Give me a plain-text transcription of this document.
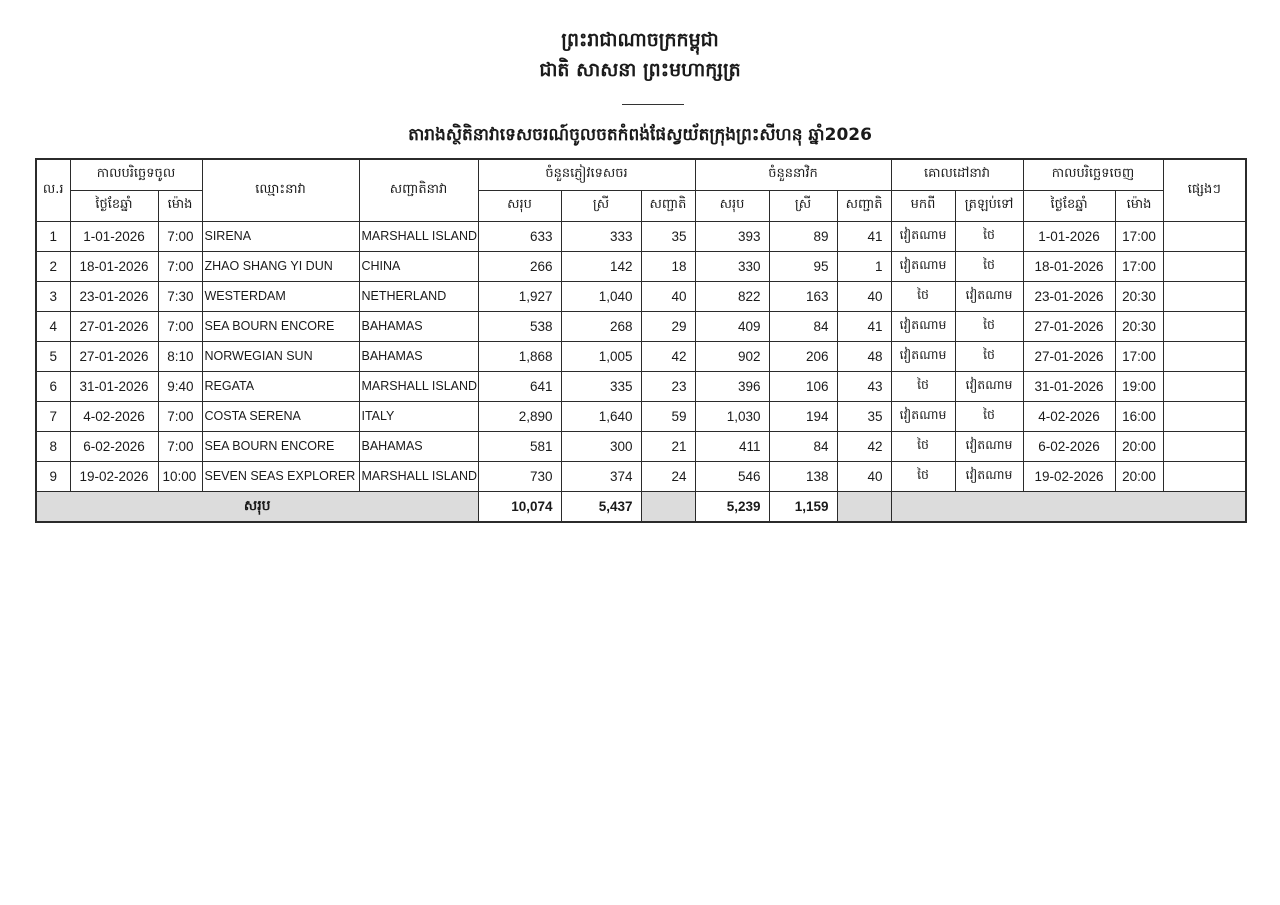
ព្រះរាជាណាចក្រកម្ពុជា
ជាតិ សាសនា ព្រះមហាក្សត្រ
តារាងស្ថិតិនាវាទេសចរណ៍ចូលចតកំពង់ផែស្វយ័តក្រុងព្រះសីហនុ ឆ្នាំ2026
ល.រ	កាលបរិច្ឆេទចូល		ឈ្មោះនាវា	សញ្ជាតិនាវា	ចំនួនភ្ញៀវទេសចរ			ចំនួននាវិក			គោលដៅនាវា		កាលបរិច្ឆេទចេញ		ផ្សេងៗ
	ថ្ងៃខែឆ្នាំ	ម៉ោង			សរុប	ស្រី	សញ្ជាតិ	សរុប	ស្រី	សញ្ជាតិ	មកពី	ត្រឡប់ទៅ	ថ្ងៃខែឆ្នាំ	ម៉ោង	
1	1-01-2026	7:00	SIRENA	MARSHALL ISLAND	633	333	35	393	89	41	វៀតណាម	ថៃ	1-01-2026	17:00	
2	18-01-2026	7:00	ZHAO SHANG YI DUN	CHINA	266	142	18	330	95	1	វៀតណាម	ថៃ	18-01-2026	17:00	
3	23-01-2026	7:30	WESTERDAM	NETHERLAND	1,927	1,040	40	822	163	40	ថៃ	វៀតណាម	23-01-2026	20:30	
4	27-01-2026	7:00	SEA BOURN ENCORE	BAHAMAS	538	268	29	409	84	41	វៀតណាម	ថៃ	27-01-2026	20:30	
5	27-01-2026	8:10	NORWEGIAN SUN	BAHAMAS	1,868	1,005	42	902	206	48	វៀតណាម	ថៃ	27-01-2026	17:00	
6	31-01-2026	9:40	REGATA	MARSHALL ISLAND	641	335	23	396	106	43	ថៃ	វៀតណាម	31-01-2026	19:00	
7	4-02-2026	7:00	COSTA SERENA	ITALY	2,890	1,640	59	1,030	194	35	វៀតណាម	ថៃ	4-02-2026	16:00	
8	6-02-2026	7:00	SEA BOURN ENCORE	BAHAMAS	581	300	21	411	84	42	ថៃ	វៀតណាម	6-02-2026	20:00	
9	19-02-2026	10:00	SEVEN SEAS EXPLORER	MARSHALL ISLAND	730	374	24	546	138	40	ថៃ	វៀតណាម	19-02-2026	20:00	
សរុប					10,074	5,437		5,239	1,159						
